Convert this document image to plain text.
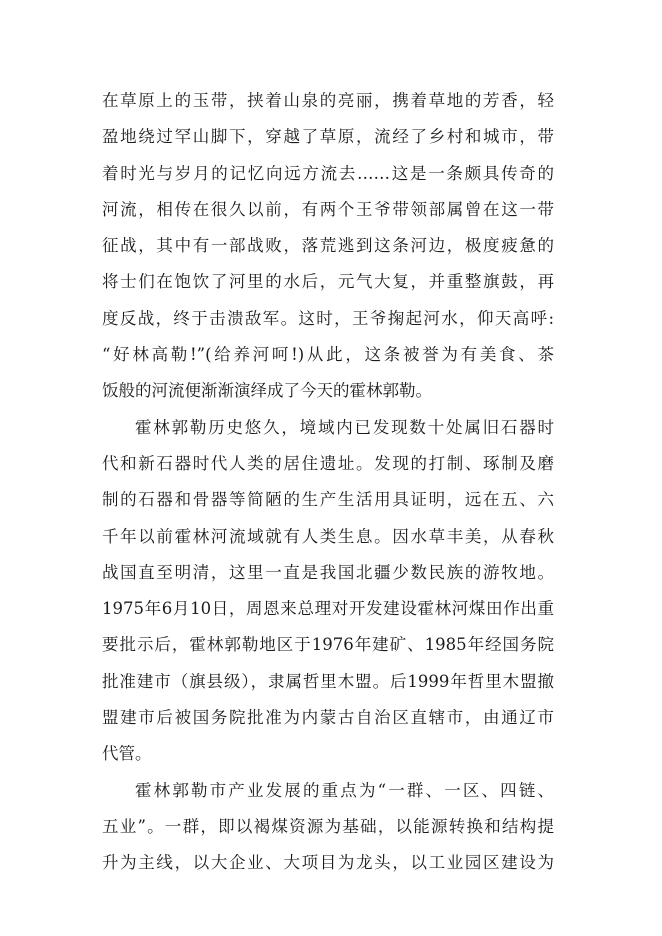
在草原上的玉带，挟着山泉的亮丽，携着草地的芳香，轻
盈地绕过罕山脚下，穿越了草原，流经了乡村和城市，带
着时光与岁月的记忆向远方流去……这是一条颇具传奇的
河流，相传在很久以前，有两个王爷带领部属曾在这一带
征战，其中有一部战败，落荒逃到这条河边，极度疲惫的
将士们在饱饮了河里的水后，元气大复，并重整旗鼓，再
度反战，终于击溃敌军。这时，王爷掬起河水，仰天高呼:
“好林高勒!”(给养河呵!)从此，这条被誉为有美食、茶
饭般的河流便渐渐演绎成了今天的霍林郭勒。
霍林郭勒历史悠久，境域内已发现数十处属旧石器时
代和新石器时代人类的居住遗址。发现的打制、琢制及磨
制的石器和骨器等简陋的生产生活用具证明，远在五、六
千年以前霍林河流域就有人类生息。因水草丰美，从春秋
战国直至明清，这里一直是我国北疆少数民族的游牧地。
1975年6月10日，周恩来总理对开发建设霍林河煤田作出重
要批示后，霍林郭勒地区于1976年建矿、1985年经国务院
批准建市（旗县级），隶属哲里木盟。后1999年哲里木盟撤
盟建市后被国务院批准为内蒙古自治区直辖市，由通辽市
代管。
霍林郭勒市产业发展的重点为“一群、一区、四链、
五业”。一群，即以褐煤资源为基础，以能源转换和结构提
升为主线，以大企业、大项目为龙头，以工业园区建设为
